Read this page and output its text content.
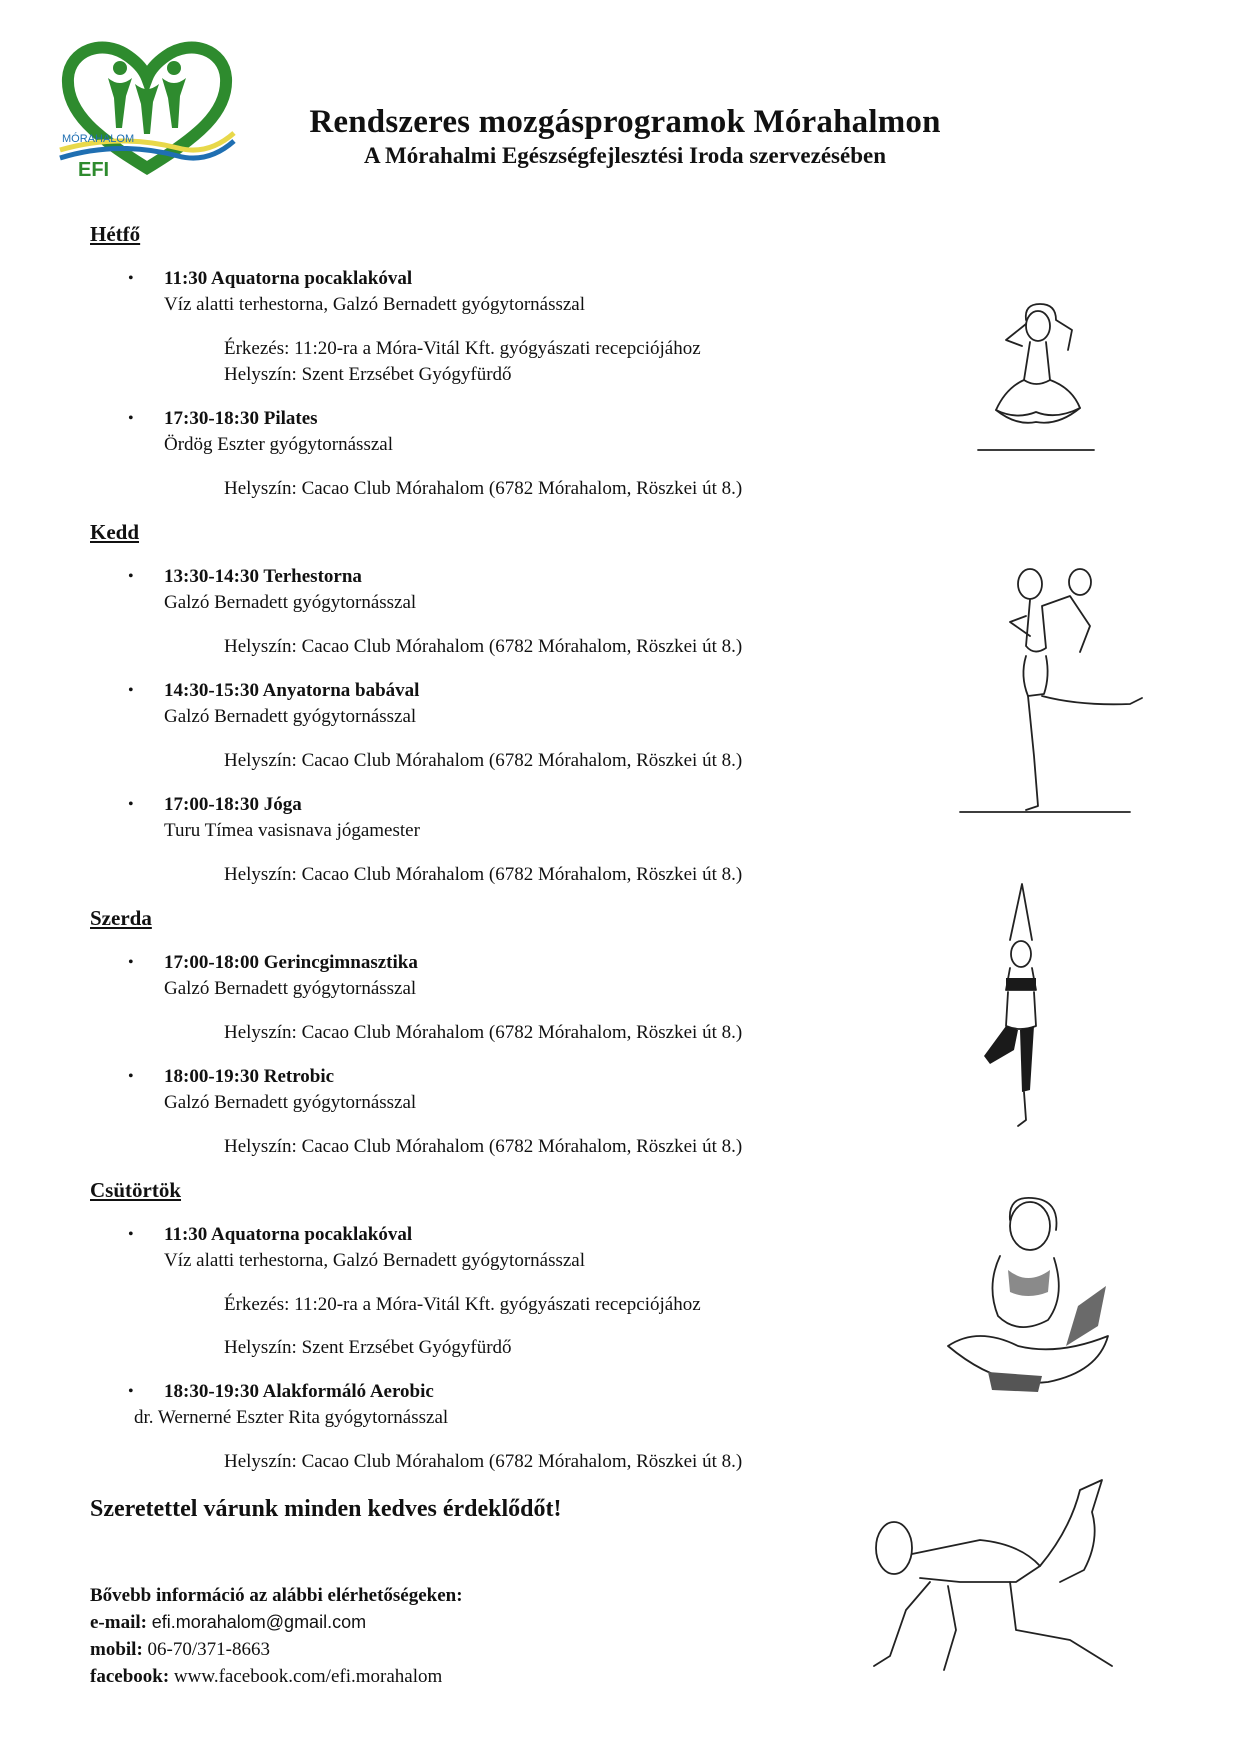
MÓRAHALOM
EFI
Rendszeres mozgásprogramok Mórahalmon
A Mórahalmi Egészségfejlesztési Iroda szervezésében
Hétfő
• 11:30 Aquatorna pocaklakóval
Víz alatti terhestorna, Galzó Bernadett gyógytornásszal
Érkezés: 11:20-ra a Móra-Vitál Kft. gyógyászati recepciójához
Helyszín: Szent Erzsébet Gyógyfürdő
• 17:30-18:30 Pilates
Ördög Eszter gyógytornásszal
Helyszín: Cacao Club Mórahalom (6782 Mórahalom, Röszkei út 8.)
Kedd
• 13:30-14:30 Terhestorna
Galzó Bernadett gyógytornásszal
Helyszín: Cacao Club Mórahalom (6782 Mórahalom, Röszkei út 8.)
• 14:30-15:30 Anyatorna babával
Galzó Bernadett gyógytornásszal
Helyszín: Cacao Club Mórahalom (6782 Mórahalom, Röszkei út 8.)
• 17:00-18:30 Jóga
Turu Tímea vasisnava jógamester
Helyszín: Cacao Club Mórahalom (6782 Mórahalom, Röszkei út 8.)
Szerda
• 17:00-18:00 Gerincgimnasztika
Galzó Bernadett gyógytornásszal
Helyszín: Cacao Club Mórahalom (6782 Mórahalom, Röszkei út 8.)
• 18:00-19:30 Retrobic
Galzó Bernadett gyógytornásszal
Helyszín: Cacao Club Mórahalom (6782 Mórahalom, Röszkei út 8.)
Csütörtök
• 11:30 Aquatorna pocaklakóval
Víz alatti terhestorna, Galzó Bernadett gyógytornásszal
Érkezés: 11:20-ra a Móra-Vitál Kft. gyógyászati recepciójához
Helyszín: Szent Erzsébet Gyógyfürdő
• 18:30-19:30 Alakformáló Aerobic
dr. Wernerné Eszter Rita gyógytornásszal
Helyszín: Cacao Club Mórahalom (6782 Mórahalom, Röszkei út 8.)
Szeretettel várunk minden kedves érdeklődőt!
Bővebb információ az alábbi elérhetőségeken:
e-mail: efi.morahalom@gmail.com
mobil: 06-70/371-8663
facebook: www.facebook.com/efi.morahalom
